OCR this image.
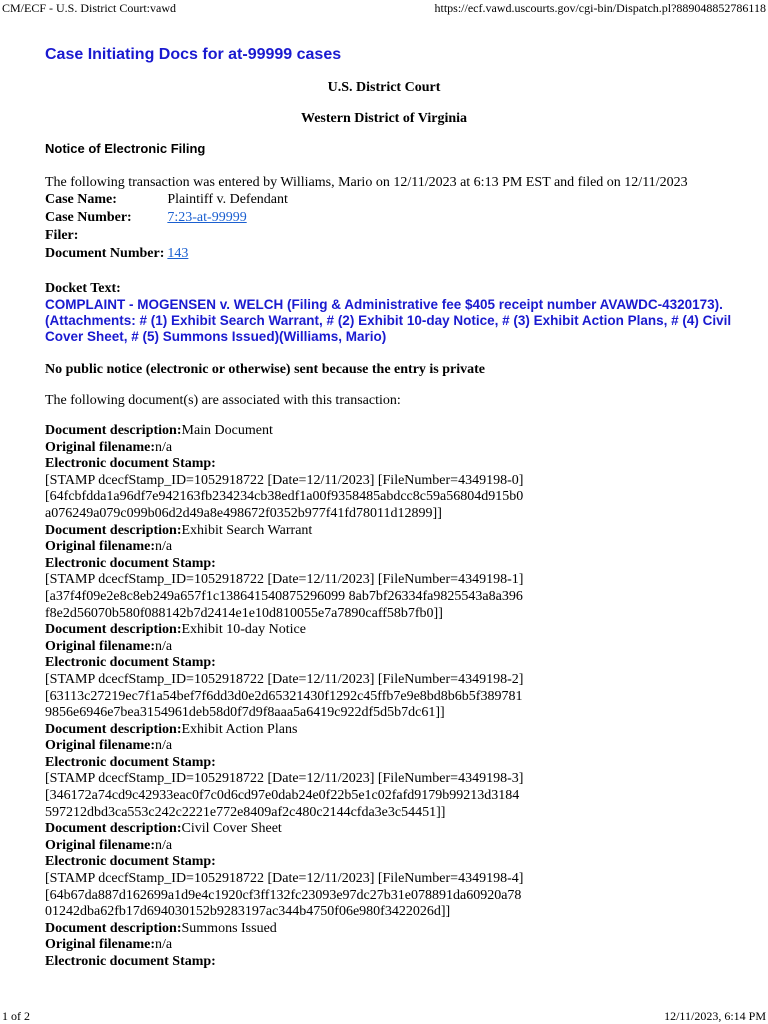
CM/ECF - U.S. District Court:vawd	https://ecf.vawd.uscourts.gov/cgi-bin/Dispatch.pl?889048852786118
Case Initiating Docs for at-99999 cases
U.S. District Court
Western District of Virginia
Notice of Electronic Filing
The following transaction was entered by Williams, Mario on 12/11/2023 at 6:13 PM EST and filed on 12/11/2023
Case Name:	Plaintiff v. Defendant
Case Number:	7:23-at-99999
Filer:	
Document Number:	143
Docket Text:
COMPLAINT - MOGENSEN v. WELCH (Filing & Administrative fee $405 receipt number AVAWDC-4320173). (Attachments: # (1) Exhibit Search Warrant, # (2) Exhibit 10-day Notice, # (3) Exhibit Action Plans, # (4) Civil Cover Sheet, # (5) Summons Issued)(Williams, Mario)
No public notice (electronic or otherwise) sent because the entry is private
The following document(s) are associated with this transaction:
Document description:Main Document
Original filename:n/a
Electronic document Stamp:
[STAMP dcecfStamp_ID=1052918722 [Date=12/11/2023] [FileNumber=4349198-0] [64fcbfdda1a96df7e942163fb234234cb38edf1a00f9358485abdcc8c59a56804d915b0a076249a079c099b06d2d49a8e498672f0352b977f41fd78011d12899]]
Document description:Exhibit Search Warrant
Original filename:n/a
Electronic document Stamp:
[STAMP dcecfStamp_ID=1052918722 [Date=12/11/2023] [FileNumber=4349198-1] [a37f4f09e2e8c8eb249a657f1c138641540875296099 8ab7bf26334fa9825543a8a396f8e2d56070b580f088142b7d2414e1e10d810055e7a7890caff58b7fb0]]
Document description:Exhibit 10-day Notice
Original filename:n/a
Electronic document Stamp:
[STAMP dcecfStamp_ID=1052918722 [Date=12/11/2023] [FileNumber=4349198-2] [63113c27219ec7f1a54bef7f6dd3d0e2d65321430f1292c45ffb7e9e8bd8b6b5f3897819856e6946e7bea3154961deb58d0f7d9f8aaa5a6419c922df5d5b7dc61]]
Document description:Exhibit Action Plans
Original filename:n/a
Electronic document Stamp:
[STAMP dcecfStamp_ID=1052918722 [Date=12/11/2023] [FileNumber=4349198-3] [346172a74cd9c42933eac0f7c0d6cd97e0dab24e0f22b5e1c02fafd9179b99213d3184597212dbd3ca553c242c2221e772e8409af2c480c2144cfda3e3c54451]]
Document description:Civil Cover Sheet
Original filename:n/a
Electronic document Stamp:
[STAMP dcecfStamp_ID=1052918722 [Date=12/11/2023] [FileNumber=4349198-4] [64b67da887d162699a1d9e4c1920cf3ff132fc23093e97dc27b31e078891da60920a7801242dba62fb17d694030152b9283197ac344b4750f06e980f3422026d]]
Document description:Summons Issued
Original filename:n/a
Electronic document Stamp:
1 of 2	12/11/2023, 6:14 PM
